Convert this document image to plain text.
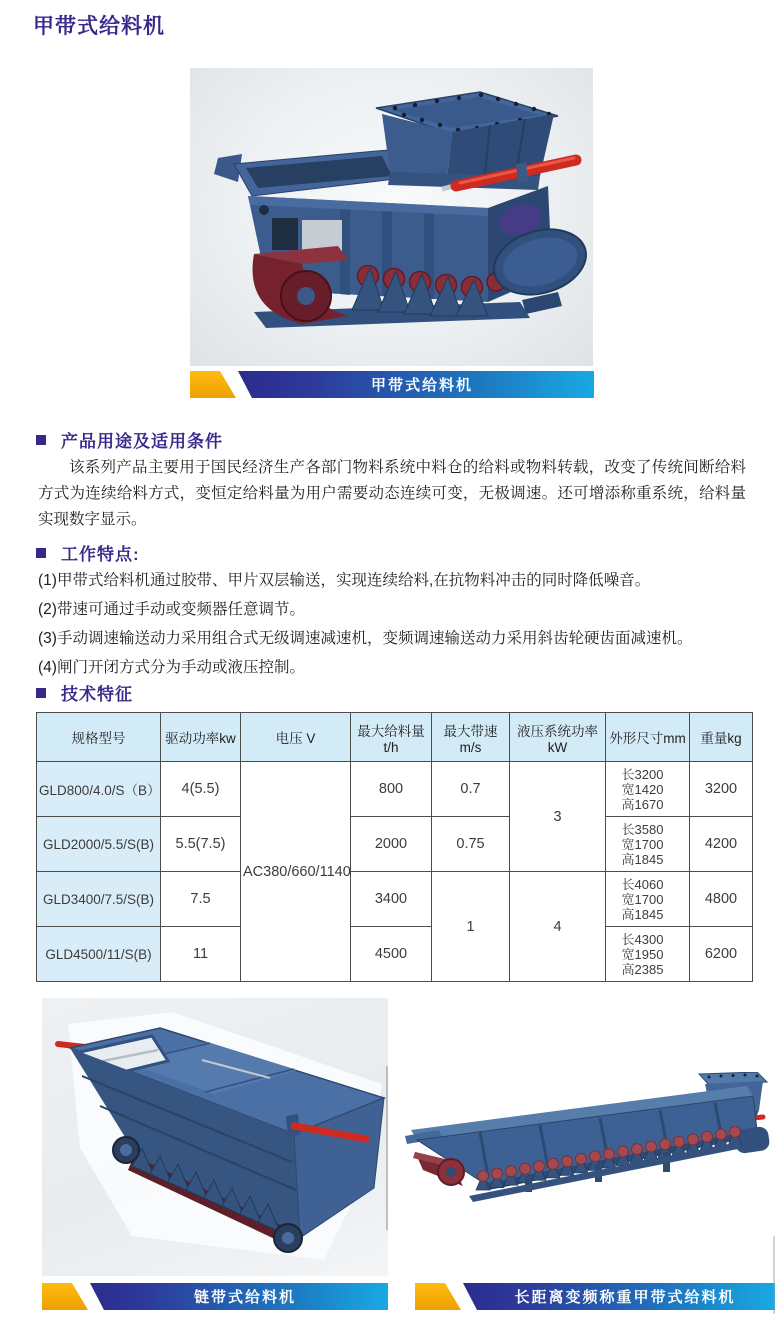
甲带式给料机
甲带式给料机
产品用途及适用条件
该系列产品主要用于国民经济生产各部门物料系统中料仓的给料或物料转载，改变了传统间断给料方式为连续给料方式，变恒定给料量为用户需要动态连续可变，无极调速。还可增添称重系统，给料量实现数字显示。
工作特点:
(1)甲带式给料机通过胶带、甲片双层输送，实现连续给料,在抗物料冲击的同时降低噪音。
(2)带速可通过手动或变频器任意调节。
(3)手动调速输送动力采用组合式无级调速减速机，变频调速输送动力采用斜齿轮硬齿面减速机。
(4)闸门开闭方式分为手动或液压控制。
技术特征
规格型号	驱动功率kw	电压 V	最大给料量t/h	最大带速m/s	液压系统功率kW	外形尺寸mm	重量kg
GLD800/4.0/S（B）	4(5.5)	AC380/660/1140	800	0.7	3	长3200
宽1420
高1670	3200
GLD2000/5.5/S(B)	5.5(7.5)		2000	0.75		长3580
宽1700
高1845	4200
GLD3400/7.5/S(B)	7.5		3400	1	4	长4060
宽1700
高1845	4800
GLD4500/11/S(B)	11		4500			长4300
宽1950
高2385	6200
链带式给料机	长距离变频称重甲带式给料机
